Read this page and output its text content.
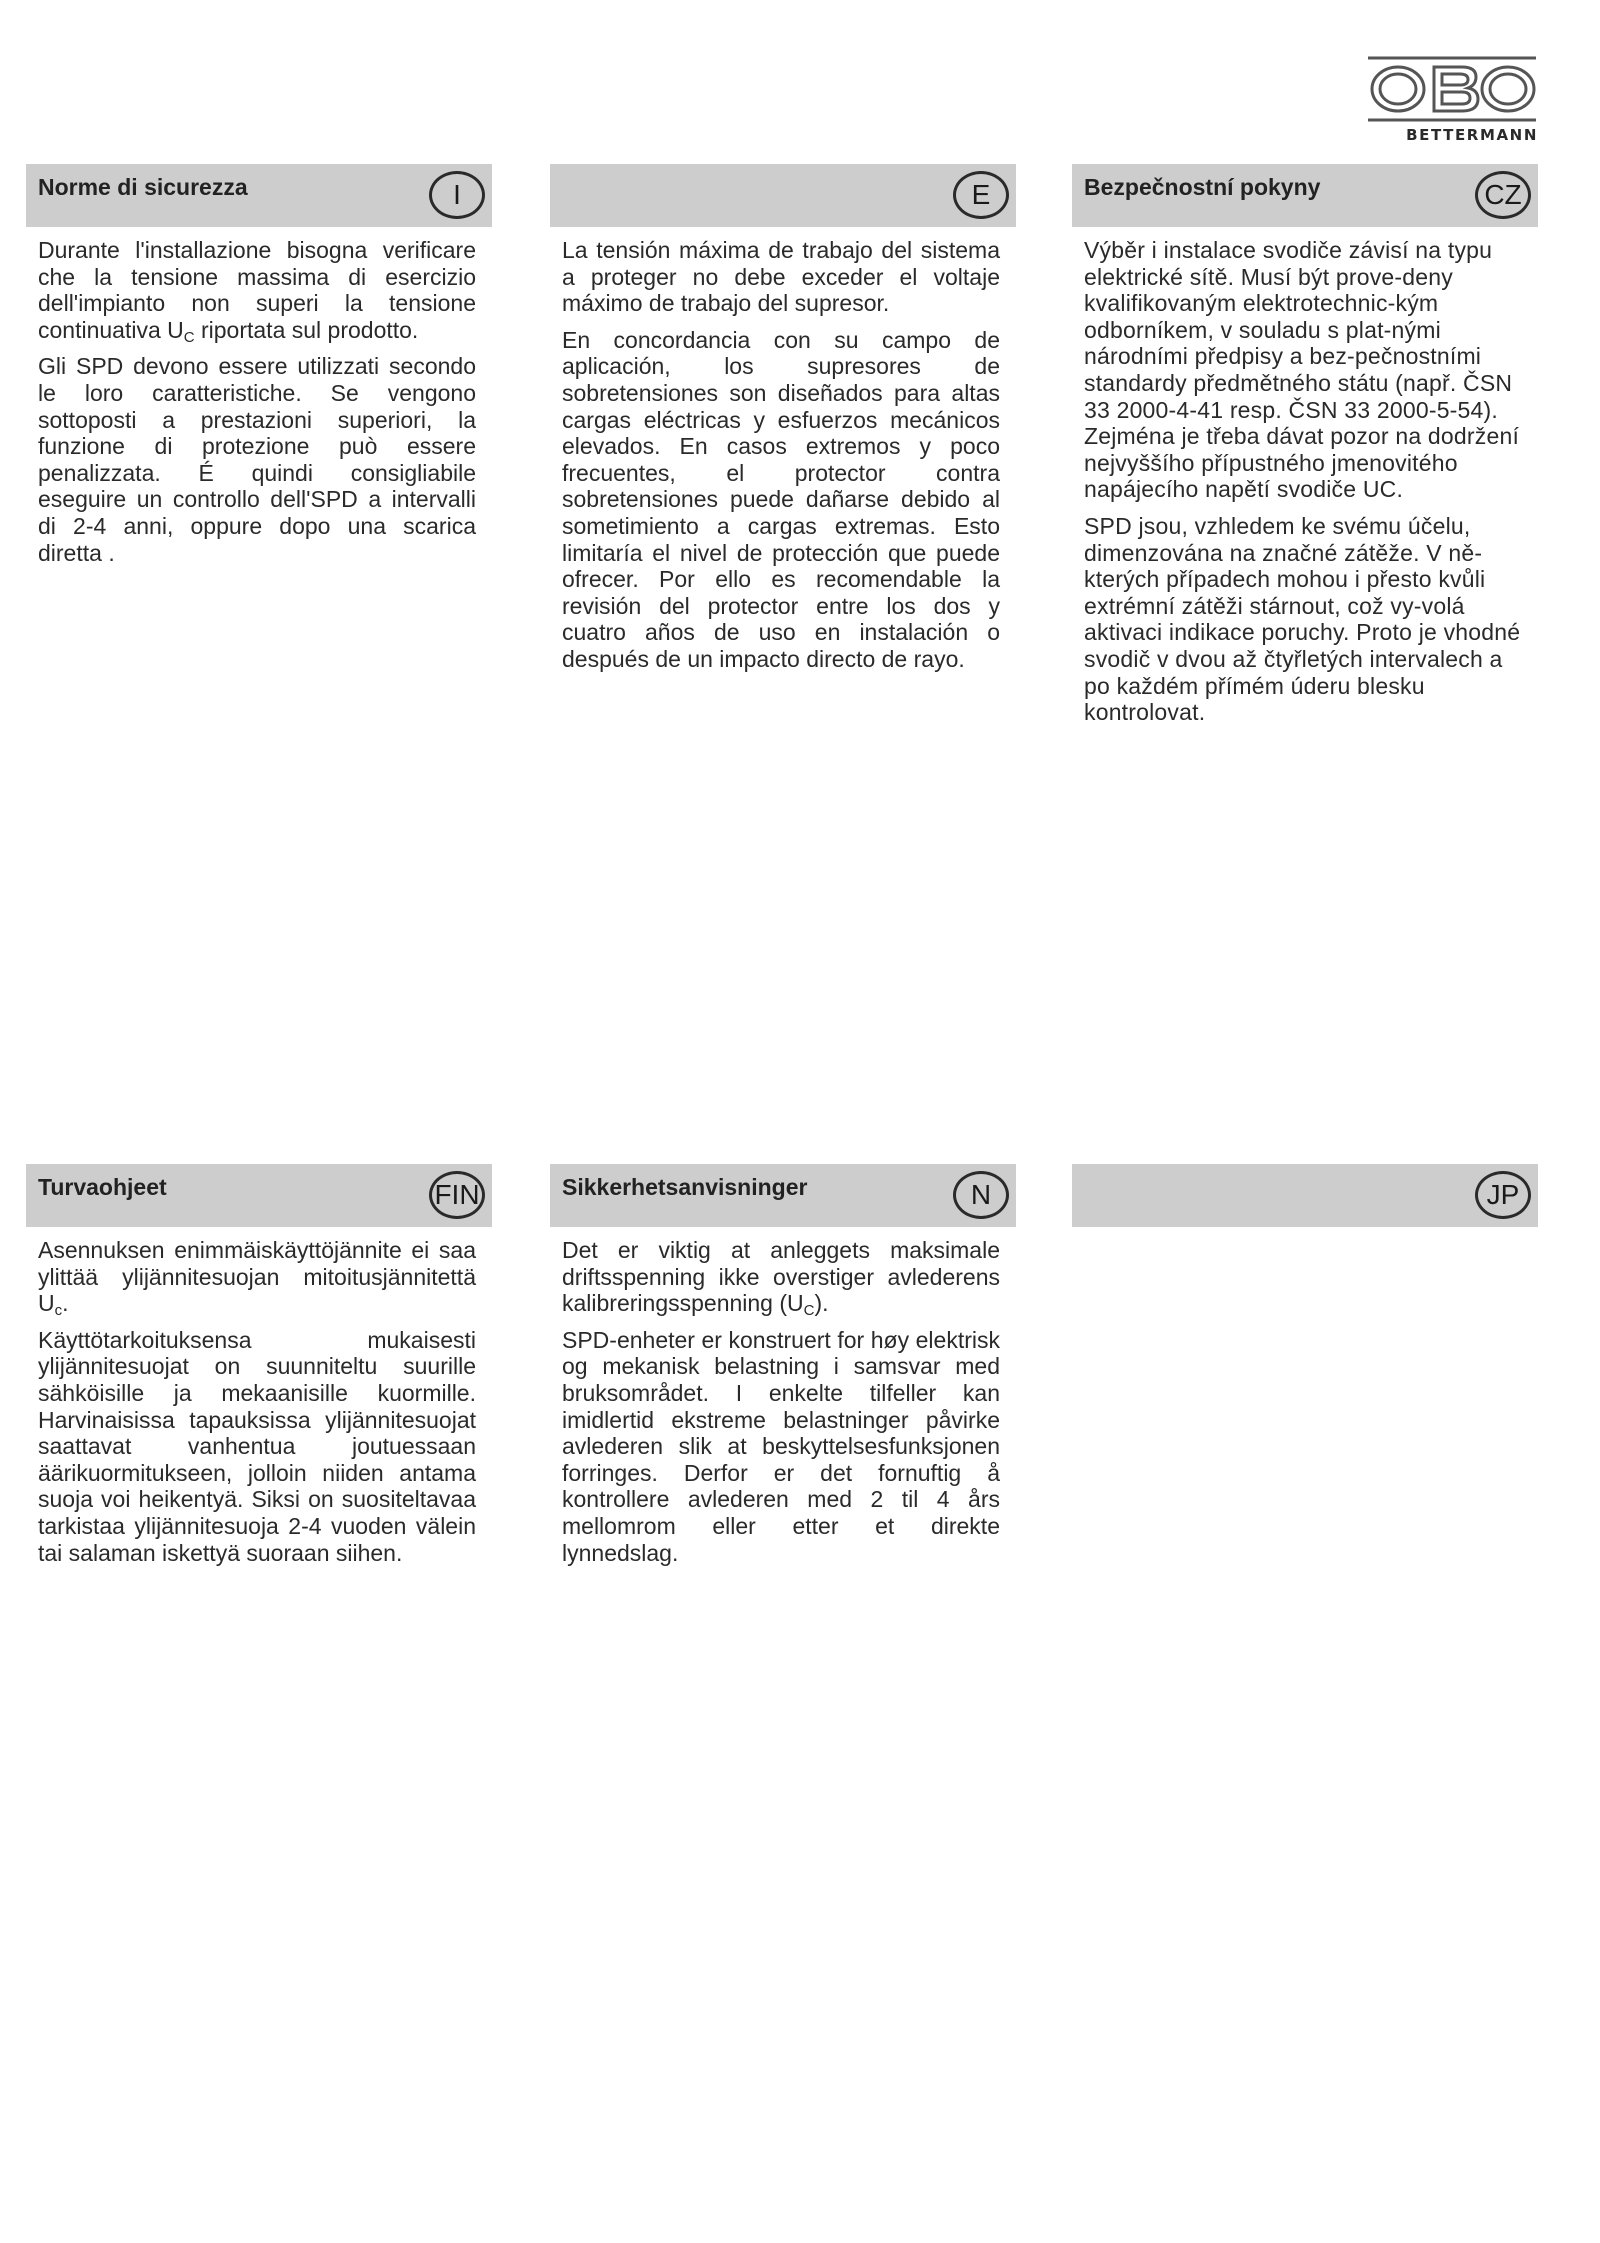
BETTERMANN
Norme di sicurezza	I

Durante l'installazione bisogna verificare che la tensione massima di esercizio dell'impianto non superi la tensione continuativa $U_C$ riportata sul prodotto.

Gli SPD devono essere utilizzati secondo le loro caratteristiche. Se vengono sottoposti a prestazioni superiori, la funzione di protezione può essere penalizzata. É quindi consigliabile eseguire un controllo dell'SPD a intervalli di 2-4 anni, oppure dopo una scarica diretta .

E

La tensión máxima de trabajo del sistema a proteger no debe exceder el voltaje máximo de trabajo del supresor.

En concordancia con su campo de aplicación, los supresores de sobretensiones son diseñados para altas cargas eléctricas y esfuerzos mecánicos elevados. En casos extremos y poco frecuentes, el protector contra sobretensiones puede dañarse debido al sometimiento a cargas extremas. Esto limitaría el nivel de protección que puede ofrecer. Por ello es recomendable la revisión del protector entre los dos y cuatro años de uso en instalación o después de un impacto directo de rayo.

Bezpečnostní pokyny	CZ

Výběr i instalace svodiče závisí na typu elektrické sítě. Musí být prove-deny kvalifikovaným elektrotechnic-kým odborníkem, v souladu s plat-nými národními předpisy a bez-pečnostními standardy předmětného státu (např. ČSN 33 2000-4-41 resp. ČSN 33 2000-5-54). Zejména je třeba dávat pozor na dodržení nejvyššího přípustného jmenovitého napájecího napětí svodiče UC.

SPD jsou, vzhledem ke svému účelu, dimenzována na značné zátěže. V ně-kterých případech mohou i přesto kvůli extrémní zátěži stárnout, což vy-volá aktivaci indikace poruchy. Proto je vhodné svodič v dvou až čtyřletých intervalech a po každém přímém úderu blesku kontrolovat.

Turvaohjeet	FIN

Asennuksen enimmäiskäyttöjännite ei saa ylittää ylijännitesuojan mitoitusjännitettä $U_c$.

Käyttötarkoituksensa mukaisesti ylijännitesuojat on suunniteltu suurille sähköisille ja mekaanisille kuormille. Harvinaisissa tapauksissa ylijännitesuojat saattavat vanhentua joutuessaan äärikuormitukseen, jolloin niiden antama suoja voi heikentyä. Siksi on suositeltavaa tarkistaa ylijännitesuoja 2-4 vuoden välein tai salaman iskettyä suoraan siihen.

Sikkerhetsanvisninger	N

Det er viktig at anleggets maksimale driftsspenning ikke overstiger avlederens kalibreringsspenning $(U_C)$.

SPD-enheter er konstruert for høy elektrisk og mekanisk belastning i samsvar med bruksområdet. I enkelte tilfeller kan imidlertid ekstreme belastninger påvirke avlederen slik at beskyttelsesfunksjonen forringes. Derfor er det fornuftig å kontrollere avlederen med 2 til 4 års mellomrom eller etter et direkte lynnedslag.

JP
